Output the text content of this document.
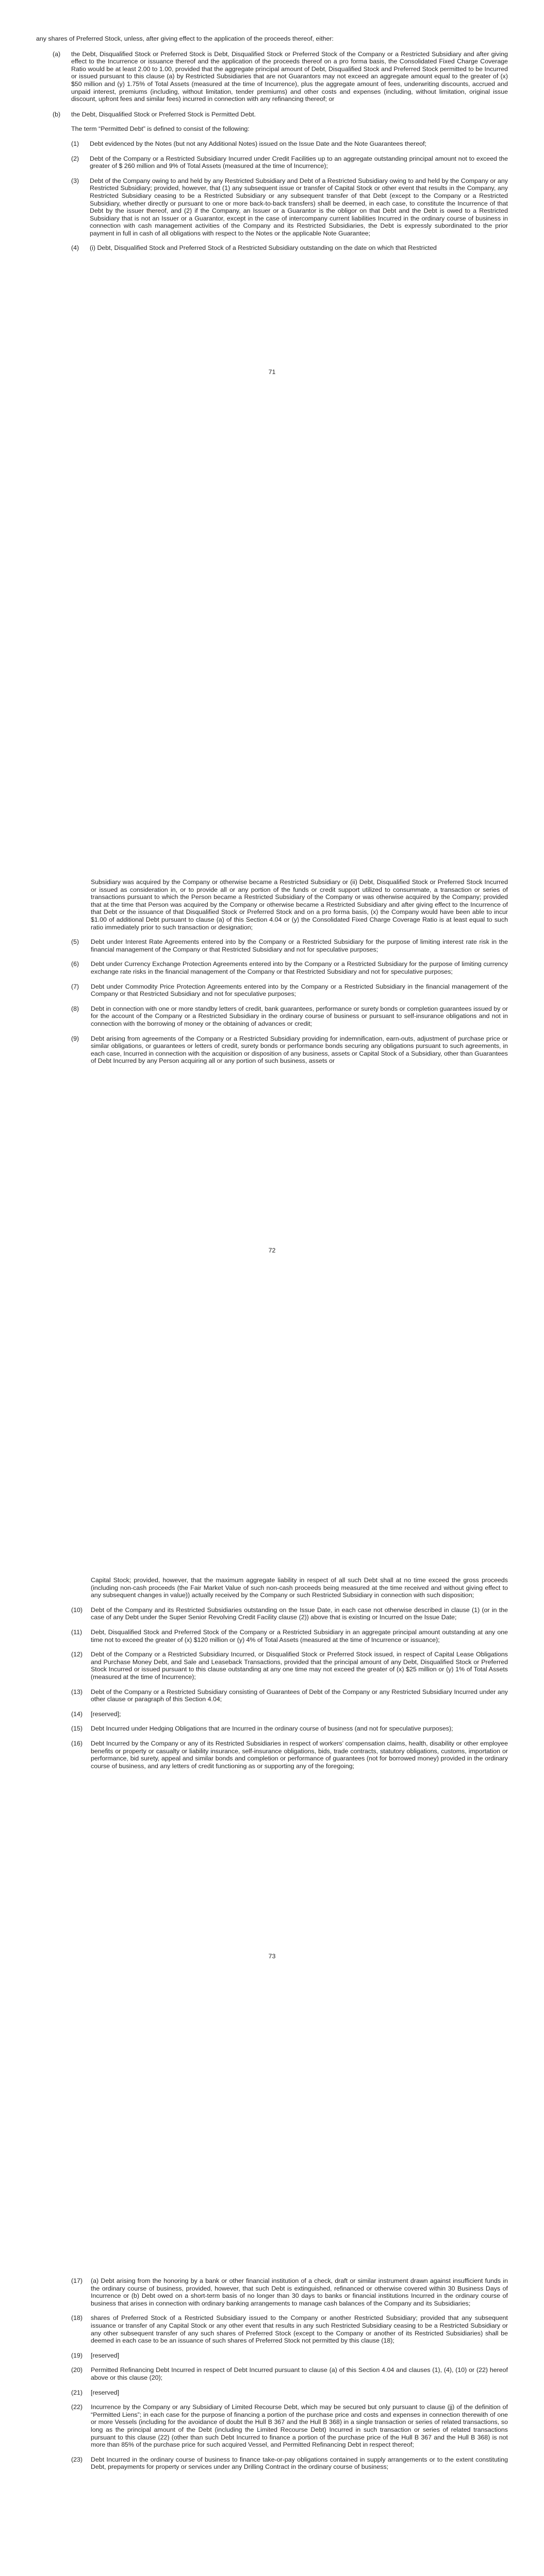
any shares of Preferred Stock, unless, after giving effect to the application of the proceeds thereof, either:

(a)	the Debt, Disqualified Stock or Preferred Stock is Debt, Disqualified Stock or Preferred Stock of the Company or a Restricted Subsidiary and after giving effect to the Incurrence or issuance thereof and the application of the proceeds thereof on a pro forma basis, the Consolidated Fixed Charge Coverage Ratio would be at least 2.00 to 1.00, provided that the aggregate principal amount of Debt, Disqualified Stock and Preferred Stock permitted to be Incurred or issued pursuant to this clause (a) by Restricted Subsidiaries that are not Guarantors may not exceed an aggregate amount equal to the greater of (x) $50 million and (y) 1.75% of Total Assets (measured at the time of Incurrence), plus the aggregate amount of fees, underwriting discounts, accrued and unpaid interest, premiums (including, without limitation, tender premiums) and other costs and expenses (including, without limitation, original issue discount, upfront fees and similar fees) incurred in connection with any refinancing thereof; or
(b)	the Debt, Disqualified Stock or Preferred Stock is Permitted Debt.

The term “Permitted Debt” is defined to consist of the following:

(1)	Debt evidenced by the Notes (but not any Additional Notes) issued on the Issue Date and the Note Guarantees thereof;
(2)	Debt of the Company or a Restricted Subsidiary Incurred under Credit Facilities up to an aggregate outstanding principal amount not to exceed the greater of $ 260 million and 9% of Total Assets (measured at the time of Incurrence);
(3)	Debt of the Company owing to and held by any Restricted Subsidiary and Debt of a Restricted Subsidiary owing to and held by the Company or any Restricted Subsidiary; provided, however, that (1) any subsequent issue or transfer of Capital Stock or other event that results in the Company, any Restricted Subsidiary ceasing to be a Restricted Subsidiary or any subsequent transfer of that Debt (except to the Company or a Restricted Subsidiary, whether directly or pursuant to one or more back-to-back transfers) shall be deemed, in each case, to constitute the Incurrence of that Debt by the issuer thereof, and (2) if the Company, an Issuer or a Guarantor is the obligor on that Debt and the Debt is owed to a Restricted Subsidiary that is not an Issuer or a Guarantor, except in the case of intercompany current liabilities Incurred in the ordinary course of business in connection with cash management activities of the Company and its Restricted Subsidiaries, the Debt is expressly subordinated to the prior payment in full in cash of all obligations with respect to the Notes or the applicable Note Guarantee;
(4)	(i) Debt, Disqualified Stock and Preferred Stock of a Restricted Subsidiary outstanding on the date on which that Restricted
71

Subsidiary was acquired by the Company or otherwise became a Restricted Subsidiary or (ii) Debt, Disqualified Stock or Preferred Stock Incurred or issued as consideration in, or to provide all or any portion of the funds or credit support utilized to consummate, a transaction or series of transactions pursuant to which the Person became a Restricted Subsidiary of the Company or was otherwise acquired by the Company; provided that at the time that Person was acquired by the Company or otherwise became a Restricted Subsidiary and after giving effect to the Incurrence of that Debt or the issuance of that Disqualified Stock or Preferred Stock and on a pro forma basis, (x) the Company would have been able to incur $1.00 of additional Debt pursuant to clause (a) of this Section 4.04 or (y) the Consolidated Fixed Charge Coverage Ratio is at least equal to such ratio immediately prior to such transaction or designation;

(5)	Debt under Interest Rate Agreements entered into by the Company or a Restricted Subsidiary for the purpose of limiting interest rate risk in the financial management of the Company or that Restricted Subsidiary and not for speculative purposes;
(6)	Debt under Currency Exchange Protection Agreements entered into by the Company or a Restricted Subsidiary for the purpose of limiting currency exchange rate risks in the financial management of the Company or that Restricted Subsidiary and not for speculative purposes;
(7)	Debt under Commodity Price Protection Agreements entered into by the Company or a Restricted Subsidiary in the financial management of the Company or that Restricted Subsidiary and not for speculative purposes;
(8)	Debt in connection with one or more standby letters of credit, bank guarantees, performance or surety bonds or completion guarantees issued by or for the account of the Company or a Restricted Subsidiary in the ordinary course of business or pursuant to self-insurance obligations and not in connection with the borrowing of money or the obtaining of advances or credit;
(9)	Debt arising from agreements of the Company or a Restricted Subsidiary providing for indemnification, earn-outs, adjustment of purchase price or similar obligations, or guarantees or letters of credit, surety bonds or performance bonds securing any obligations pursuant to such agreements, in each case, Incurred in connection with the acquisition or disposition of any business, assets or Capital Stock of a Subsidiary, other than Guarantees of Debt Incurred by any Person acquiring all or any portion of such business, assets or
72

Capital Stock; provided, however, that the maximum aggregate liability in respect of all such Debt shall at no time exceed the gross proceeds (including non-cash proceeds (the Fair Market Value of such non-cash proceeds being measured at the time received and without giving effect to any subsequent changes in value)) actually received by the Company or such Restricted Subsidiary in connection with such disposition;

(10)	Debt of the Company and its Restricted Subsidiaries outstanding on the Issue Date, in each case not otherwise described in clause (1) (or in the case of any Debt under the Super Senior Revolving Credit Facility clause (2)) above that is existing or Incurred on the Issue Date;
(11)	Debt, Disqualified Stock and Preferred Stock of the Company or a Restricted Subsidiary in an aggregate principal amount outstanding at any one time not to exceed the greater of (x) $120 million or (y) 4% of Total Assets (measured at the time of Incurrence or issuance);
(12)	Debt of the Company or a Restricted Subsidiary Incurred, or Disqualified Stock or Preferred Stock issued, in respect of Capital Lease Obligations and Purchase Money Debt, and Sale and Leaseback Transactions, provided that the principal amount of any Debt, Disqualified Stock or Preferred Stock Incurred or issued pursuant to this clause outstanding at any one time may not exceed the greater of (x) $25 million or (y) 1% of Total Assets (measured at the time of Incurrence);
(13)	Debt of the Company or a Restricted Subsidiary consisting of Guarantees of Debt of the Company or any Restricted Subsidiary Incurred under any other clause or paragraph of this Section 4.04;
(14)	[reserved];
(15)	Debt Incurred under Hedging Obligations that are Incurred in the ordinary course of business (and not for speculative purposes);
(16)	Debt Incurred by the Company or any of its Restricted Subsidiaries in respect of workers’ compensation claims, health, disability or other employee benefits or property or casualty or liability insurance, self-insurance obligations, bids, trade contracts, statutory obligations, customs, importation or performance, bid surety, appeal and similar bonds and completion or performance of guarantees (not for borrowed money) provided in the ordinary course of business, and any letters of credit functioning as or supporting any of the foregoing;
73
(17)	(a) Debt arising from the honoring by a bank or other financial institution of a check, draft or similar instrument drawn against insufficient funds in the ordinary course of business, provided, however, that such Debt is extinguished, refinanced or otherwise covered within 30 Business Days of Incurrence or (b) Debt owed on a short-term basis of no longer than 30 days to banks or financial institutions Incurred in the ordinary course of business that arises in connection with ordinary banking arrangements to manage cash balances of the Company and its Subsidiaries;
(18)	shares of Preferred Stock of a Restricted Subsidiary issued to the Company or another Restricted Subsidiary; provided that any subsequent issuance or transfer of any Capital Stock or any other event that results in any such Restricted Subsidiary ceasing to be a Restricted Subsidiary or any other subsequent transfer of any such shares of Preferred Stock (except to the Company or another of its Restricted Subsidiaries) shall be deemed in each case to be an issuance of such shares of Preferred Stock not permitted by this clause (18);
(19)	[reserved]
(20)	Permitted Refinancing Debt Incurred in respect of Debt Incurred pursuant to clause (a) of this Section 4.04 and clauses (1), (4), (10) or (22) hereof above or this clause (20);
(21)	[reserved]
(22)	Incurrence by the Company or any Subsidiary of Limited Recourse Debt, which may be secured but only pursuant to clause (jj) of the definition of “Permitted Liens”; in each case for the purpose of financing a portion of the purchase price and costs and expenses in connection therewith of one or more Vessels (including for the avoidance of doubt the Hull B 367 and the Hull B 368) in a single transaction or series of related transactions, so long as the principal amount of the Debt (including the Limited Recourse Debt) Incurred in such transaction or series of related transactions pursuant to this clause (22) (other than such Debt Incurred to finance a portion of the purchase price of the Hull B 367 and the Hull B 368) is not more than 85% of the purchase price for such acquired Vessel, and Permitted Refinancing Debt in respect thereof;
(23)	Debt Incurred in the ordinary course of business to finance take-or-pay obligations contained in supply arrangements or to the extent constituting Debt, prepayments for property or services under any Drilling Contract in the ordinary course of business;
